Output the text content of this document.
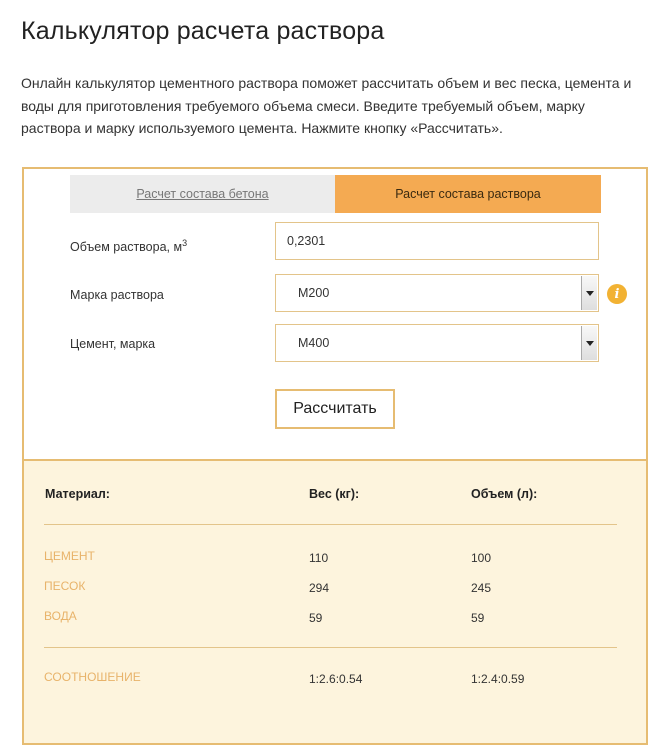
Калькулятор расчета раствора

Онлайн калькулятор цементного раствора поможет рассчитать объем и вес песка, цемента и воды для приготовления требуемого объема смеси. Введите требуемый объем, марку раствора и марку используемого цемента. Нажмите кнопку «Рассчитать».

Расчет состава бетона	Расчет состава раствора
Объем раствора, $м^3$	0,2301
Марка раствора	М200	i
Цемент, марка	М400
Рассчитать
Материал:	Вес (кг):	Объем (л):
ЦЕМЕНТ	110	100
ПЕСОК	294	245
ВОДА	59	59
СООТНОШЕНИЕ	1:2.6:0.54	1:2.4:0.59
